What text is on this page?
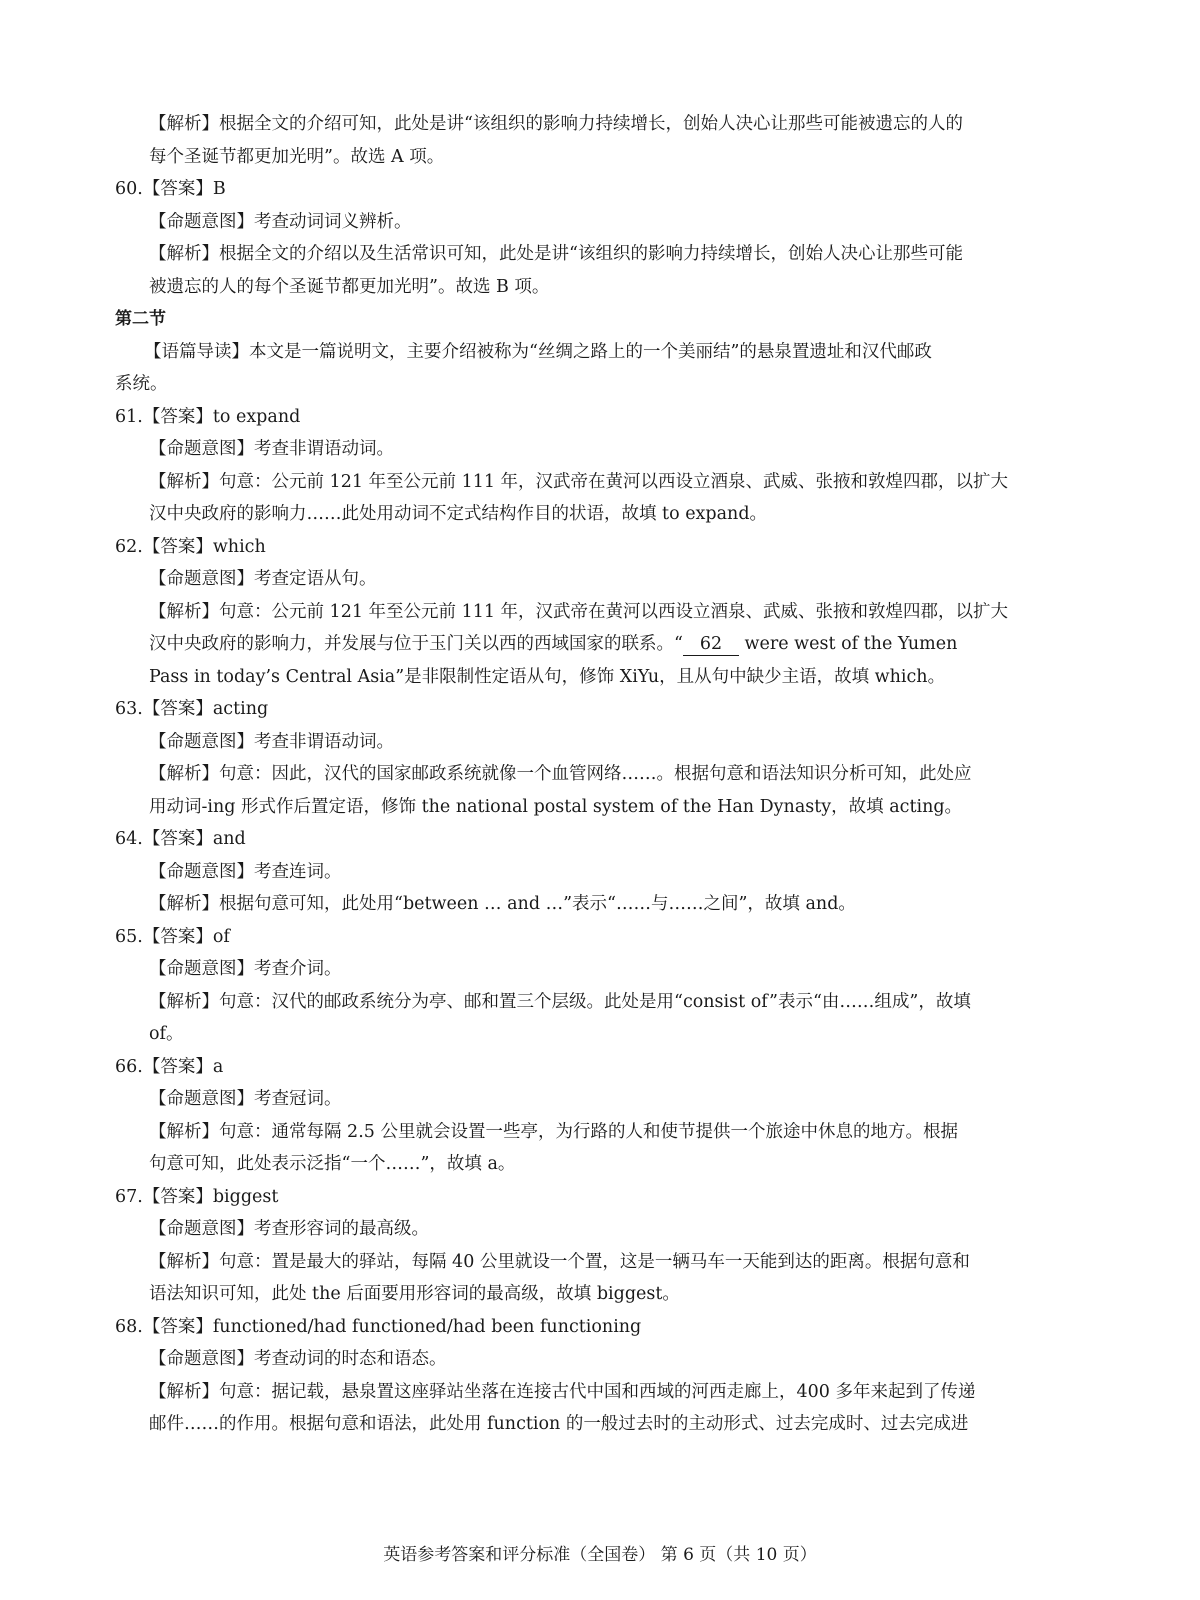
【解析】根据全文的介绍可知，此处是讲“该组织的影响力持续增长，创始人决心让那些可能被遗忘的人的
每个圣诞节都更加光明”。故选 A 项。
60.【答案】B
【命题意图】考查动词词义辨析。
【解析】根据全文的介绍以及生活常识可知，此处是讲“该组织的影响力持续增长，创始人决心让那些可能
被遗忘的人的每个圣诞节都更加光明”。故选 B 项。
第二节
【语篇导读】本文是一篇说明文，主要介绍被称为“丝绸之路上的一个美丽结”的悬泉置遗址和汉代邮政
系统。
61.【答案】to expand
【命题意图】考查非谓语动词。
【解析】句意：公元前 121 年至公元前 111 年，汉武帝在黄河以西设立酒泉、武威、张掖和敦煌四郡，以扩大
汉中央政府的影响力……此处用动词不定式结构作目的状语，故填 to expand。
62.【答案】which
【命题意图】考查定语从句。
【解析】句意：公元前 121 年至公元前 111 年，汉武帝在黄河以西设立酒泉、武威、张掖和敦煌四郡，以扩大
汉中央政府的影响力，并发展与位于玉门关以西的西域国家的联系。“ 62 were west of the Yumen
Pass in today’s Central Asia”是非限制性定语从句，修饰 XiYu，且从句中缺少主语，故填 which。
63.【答案】acting
【命题意图】考查非谓语动词。
【解析】句意：因此，汉代的国家邮政系统就像一个血管网络……。根据句意和语法知识分析可知，此处应
用动词-ing 形式作后置定语，修饰 the national postal system of the Han Dynasty，故填 acting。
64.【答案】and
【命题意图】考查连词。
【解析】根据句意可知，此处用“between … and …”表示“……与……之间”，故填 and。
65.【答案】of
【命题意图】考查介词。
【解析】句意：汉代的邮政系统分为亭、邮和置三个层级。此处是用“consist of”表示“由……组成”，故填
of。
66.【答案】a
【命题意图】考查冠词。
【解析】句意：通常每隔 2.5 公里就会设置一些亭，为行路的人和使节提供一个旅途中休息的地方。根据
句意可知，此处表示泛指“一个……”，故填 a。
67.【答案】biggest
【命题意图】考查形容词的最高级。
【解析】句意：置是最大的驿站，每隔 40 公里就设一个置，这是一辆马车一天能到达的距离。根据句意和
语法知识可知，此处 the 后面要用形容词的最高级，故填 biggest。
68.【答案】functioned/had functioned/had been functioning
【命题意图】考查动词的时态和语态。
【解析】句意：据记载，悬泉置这座驿站坐落在连接古代中国和西域的河西走廊上，400 多年来起到了传递
邮件……的作用。根据句意和语法，此处用 function 的一般过去时的主动形式、过去完成时、过去完成进
英语参考答案和评分标准（全国卷） 第 6 页（共 10 页）
